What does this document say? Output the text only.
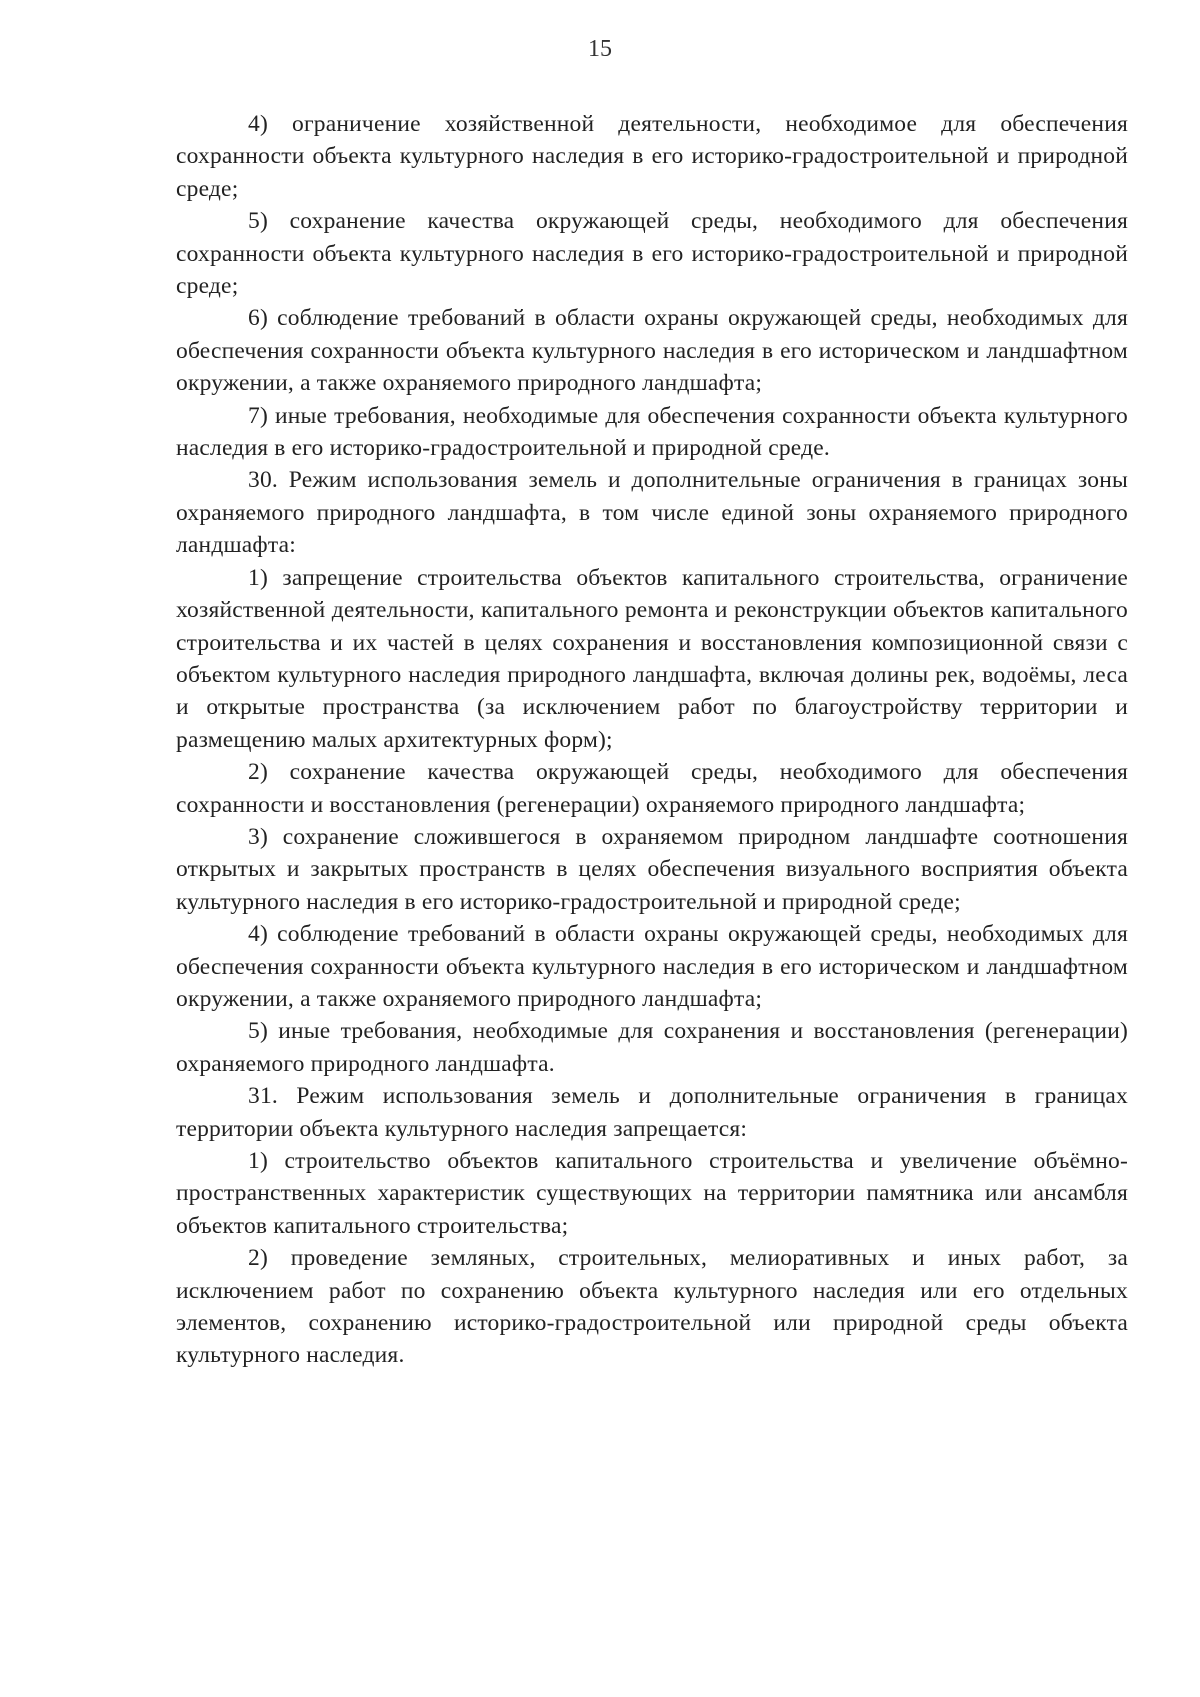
15

4) ограничение хозяйственной деятельности, необходимое для обеспечения сохранности объекта культурного наследия в его историко-градостроительной и природной среде;

5) сохранение качества окружающей среды, необходимого для обеспечения сохранности объекта культурного наследия в его историко-градостроительной и природной среде;

6) соблюдение требований в области охраны окружающей среды, необходимых для обеспечения сохранности объекта культурного наследия в его историческом и ландшафтном окружении, а также охраняемого природного ландшафта;

7) иные требования, необходимые для обеспечения сохранности объекта культурного наследия в его историко-градостроительной и природной среде.

30. Режим использования земель и дополнительные ограничения в границах зоны охраняемого природного ландшафта, в том числе единой зоны охраняемого природного ландшафта:

1) запрещение строительства объектов капитального строительства, ограничение хозяйственной деятельности, капитального ремонта и реконструкции объектов капитального строительства и их частей в целях сохранения и восстановления композиционной связи с объектом культурного наследия природного ландшафта, включая долины рек, водоёмы, леса и открытые пространства (за исключением работ по благоустройству территории и размещению малых архитектурных форм);

2) сохранение качества окружающей среды, необходимого для обеспечения сохранности и восстановления (регенерации) охраняемого природного ландшафта;

3) сохранение сложившегося в охраняемом природном ландшафте соотношения открытых и закрытых пространств в целях обеспечения визуального восприятия объекта культурного наследия в его историко-градостроительной и природной среде;

4) соблюдение требований в области охраны окружающей среды, необходимых для обеспечения сохранности объекта культурного наследия в его историческом и ландшафтном окружении, а также охраняемого природного ландшафта;

5) иные требования, необходимые для сохранения и восстановления (регенерации) охраняемого природного ландшафта.

31. Режим использования земель и дополнительные ограничения в границах территории объекта культурного наследия запрещается:

1) строительство объектов капитального строительства и увеличение объёмно-пространственных характеристик существующих на территории памятника или ансамбля объектов капитального строительства;

2) проведение земляных, строительных, мелиоративных и иных работ, за исключением работ по сохранению объекта культурного наследия или его отдельных элементов, сохранению историко-градостроительной или природной среды объекта культурного наследия.
